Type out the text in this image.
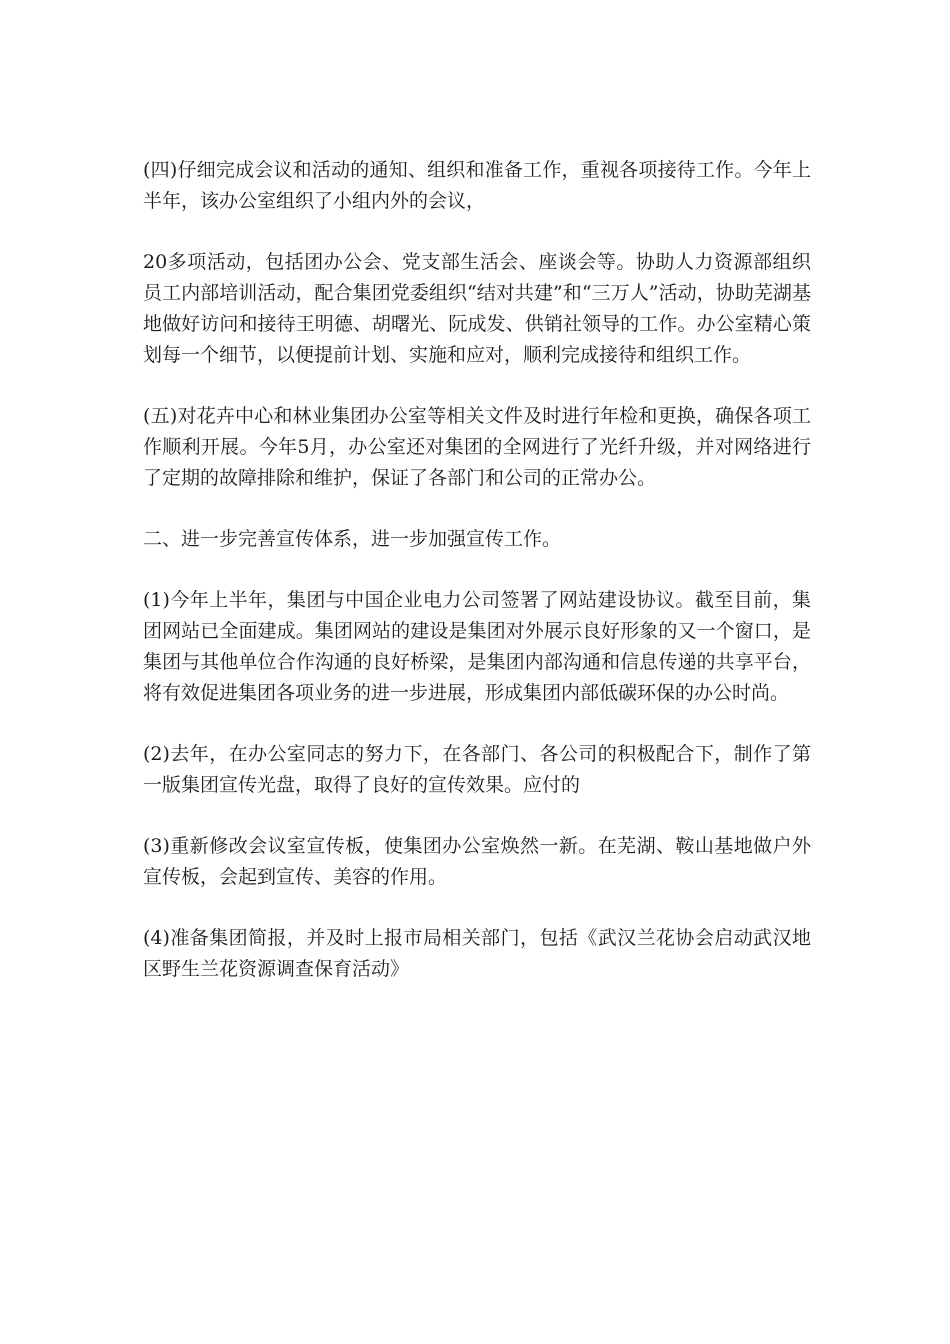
(四)仔细完成会议和活动的通知、组织和准备工作，重视各项接待工作。今年上半年，该办公室组织了小组内外的会议，

20多项活动，包括团办公会、党支部生活会、座谈会等。协助人力资源部组织员工内部培训活动，配合集团党委组织“结对共建”和“三万人”活动，协助芜湖基地做好访问和接待王明德、胡曙光、阮成发、供销社领导的工作。办公室精心策划每一个细节，以便提前计划、实施和应对，顺利完成接待和组织工作。

(五)对花卉中心和林业集团办公室等相关文件及时进行年检和更换，确保各项工作顺利开展。今年5月，办公室还对集团的全网进行了光纤升级，并对网络进行了定期的故障排除和维护，保证了各部门和公司的正常办公。

二、进一步完善宣传体系，进一步加强宣传工作。

(1)今年上半年，集团与中国企业电力公司签署了网站建设协议。截至目前，集团网站已全面建成。集团网站的建设是集团对外展示良好形象的又一个窗口，是集团与其他单位合作沟通的良好桥梁，是集团内部沟通和信息传递的共享平台，将有效促进集团各项业务的进一步进展，形成集团内部低碳环保的办公时尚。

(2)去年，在办公室同志的努力下，在各部门、各公司的积极配合下，制作了第一版集团宣传光盘，取得了良好的宣传效果。应付的

(3)重新修改会议室宣传板，使集团办公室焕然一新。在芜湖、鞍山基地做户外宣传板，会起到宣传、美容的作用。

(4)准备集团简报，并及时上报市局相关部门，包括《武汉兰花协会启动武汉地区野生兰花资源调查保育活动》
